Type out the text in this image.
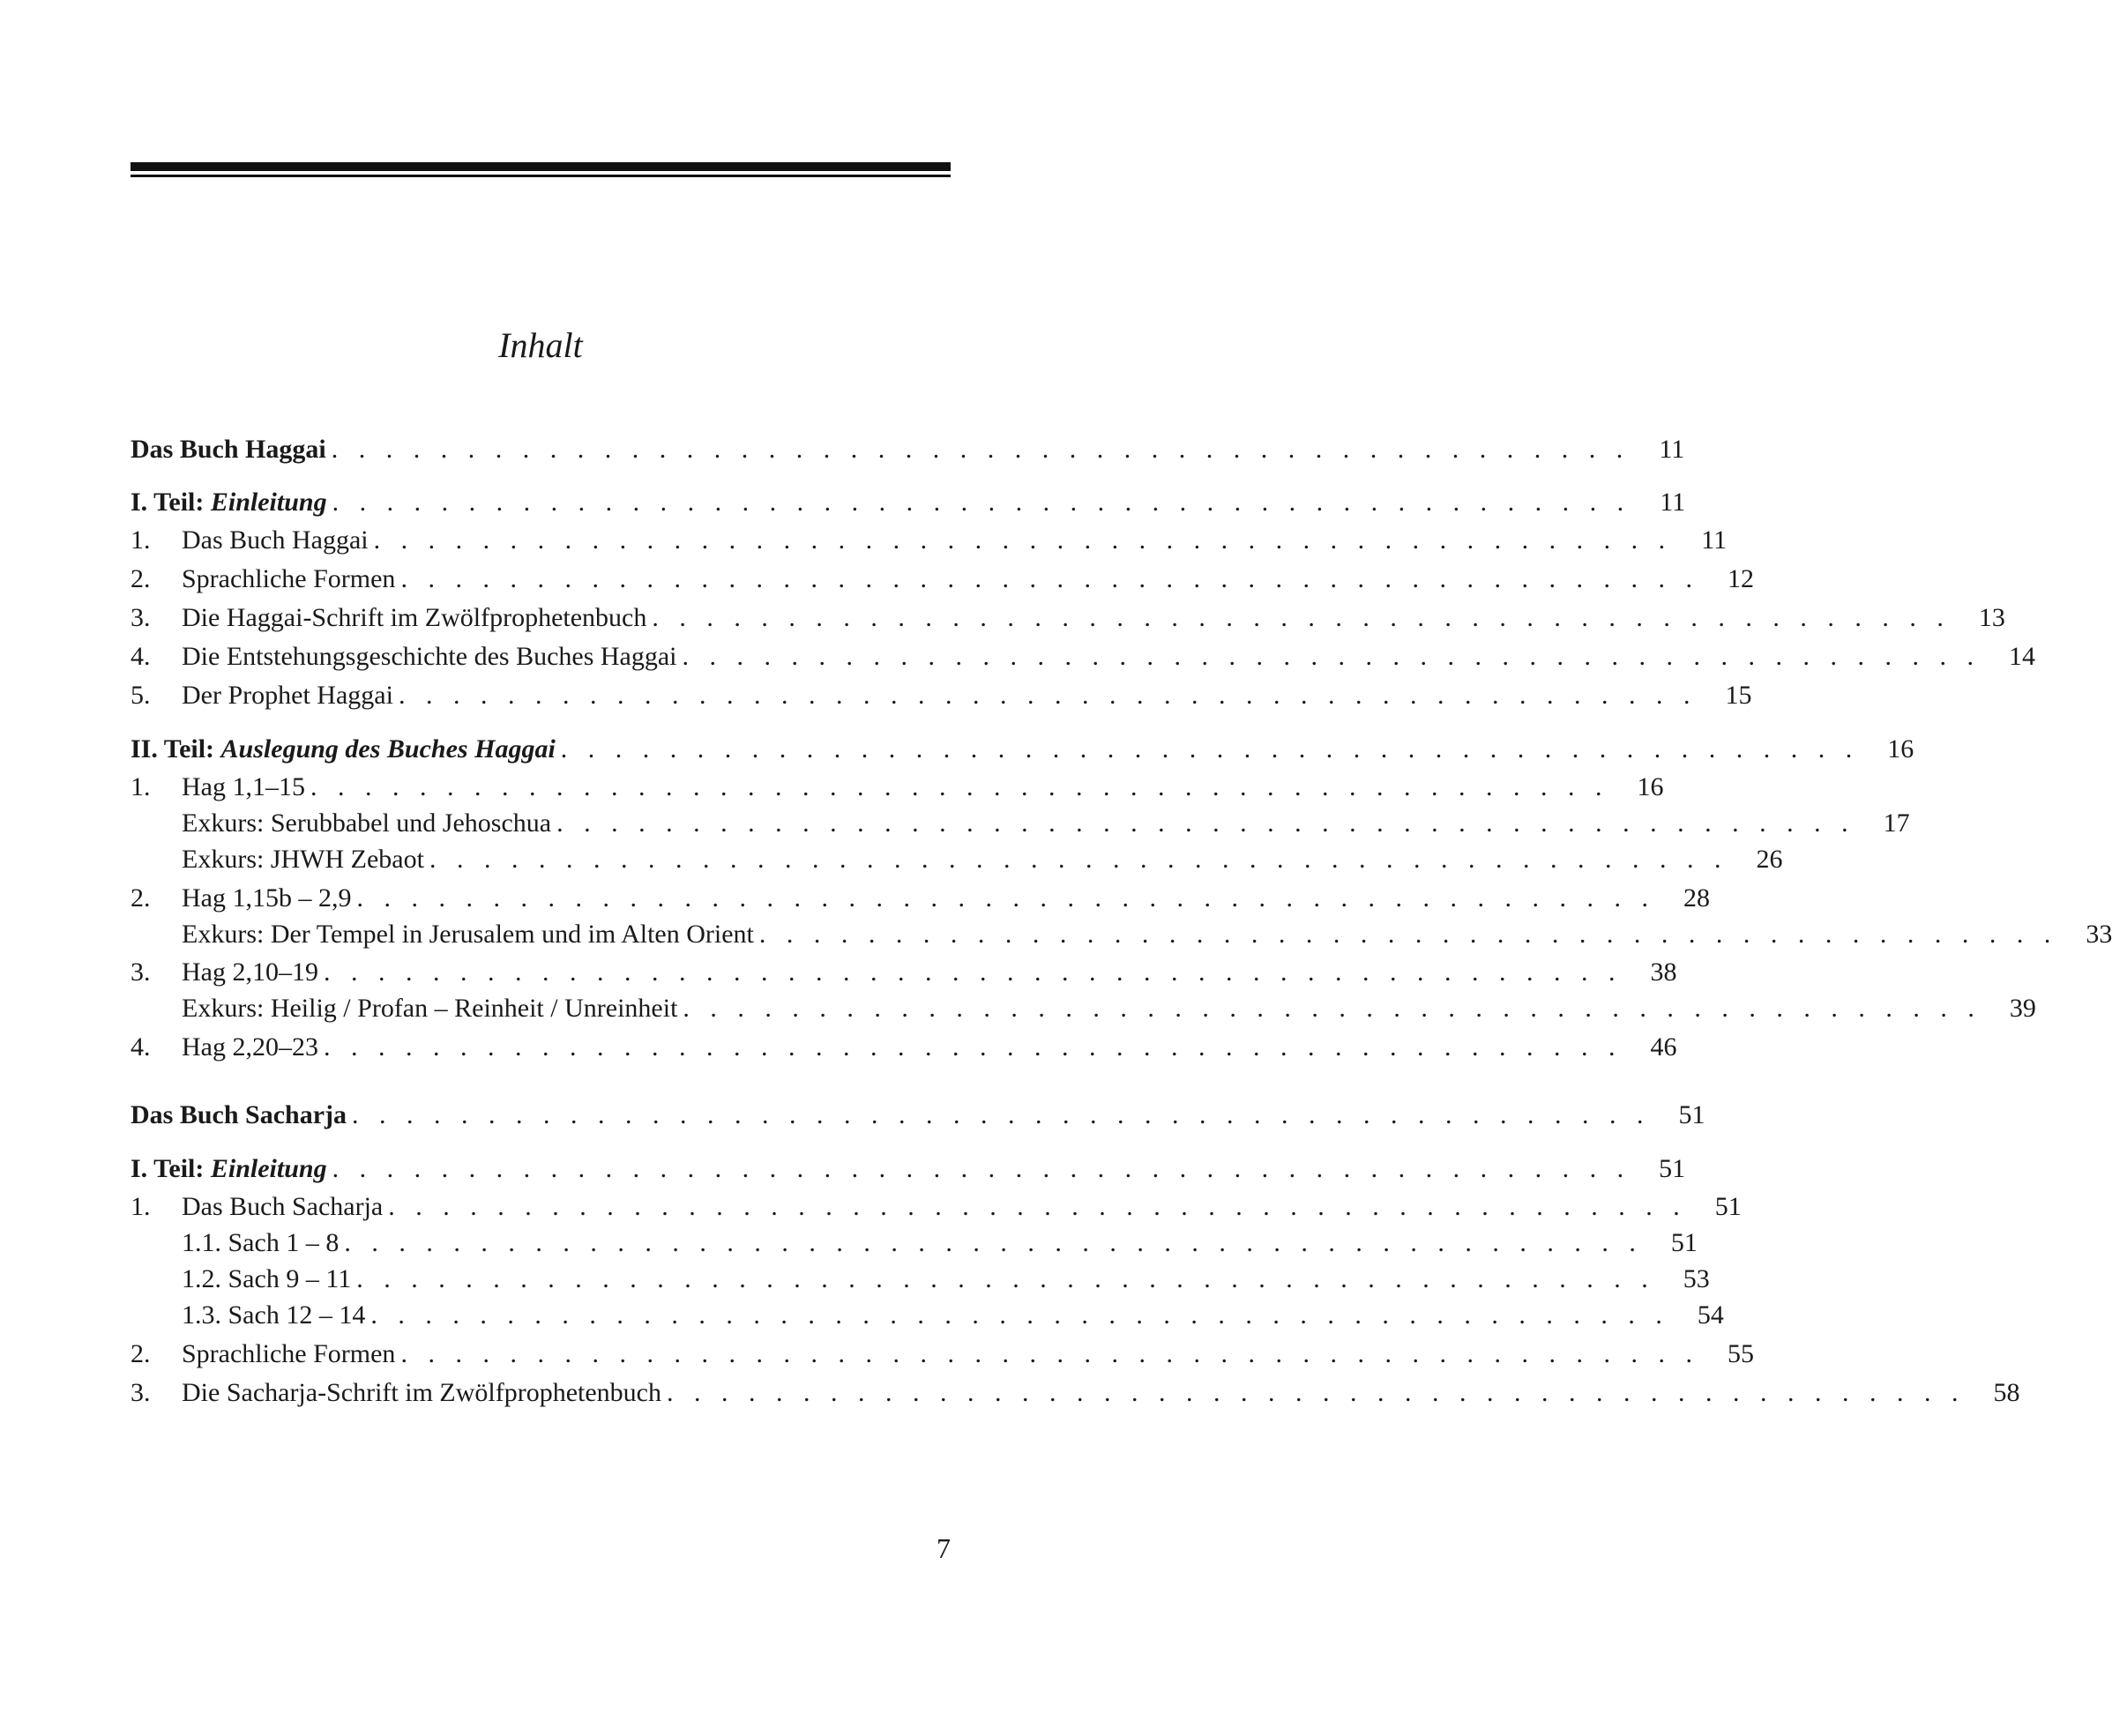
Inhalt
Das Buch Haggai . . . . . . . . . . . . . . . . . . . . . . . . . . . . . . . . . . . . . . . . . . . . . . . .	11
I. Teil: Einleitung . . . . . . . . . . . . . . . . . . . . . . . . . . . . . . . . . . . . . . . . . . . . . . . .	11
1.	Das Buch Haggai . . . . . . . . . . . . . . . . . . . . . . . . . . . . . . . . . . . . . . . . . . . . . . . .	11
2.	Sprachliche Formen . . . . . . . . . . . . . . . . . . . . . . . . . . . . . . . . . . . . . . . . . . . . . . . .	12
3.	Die Haggai-Schrift im Zwölfprophetenbuch . . . . . . . . . . . . . . . . . . . . . . . . . . . . . . . . . . . . . . . . . . . . . . . .	13
4.	Die Entstehungsgeschichte des Buches Haggai . . . . . . . . . . . . . . . . . . . . . . . . . . . . . . . . . . . . . . . . . . . . . . . .	14
5.	Der Prophet Haggai . . . . . . . . . . . . . . . . . . . . . . . . . . . . . . . . . . . . . . . . . . . . . . . .	15
II. Teil: Auslegung des Buches Haggai . . . . . . . . . . . . . . . . . . . . . . . . . . . . . . . . . . . . . . . . . . . . . . . .	16
1.	Hag 1,1–15 . . . . . . . . . . . . . . . . . . . . . . . . . . . . . . . . . . . . . . . . . . . . . . . .	16
Exkurs: Serubbabel und Jehoschua . . . . . . . . . . . . . . . . . . . . . . . . . . . . . . . . . . . . . . . . . . . . . . . .	17
Exkurs: JHWH Zebaot . . . . . . . . . . . . . . . . . . . . . . . . . . . . . . . . . . . . . . . . . . . . . . . .	26
2.	Hag 1,15b – 2,9 . . . . . . . . . . . . . . . . . . . . . . . . . . . . . . . . . . . . . . . . . . . . . . . .	28
Exkurs: Der Tempel in Jerusalem und im Alten Orient . . . . . . . . . . . . . . . . . . . . . . . . . . . . . . . . . . . . . . . . . . . . . . . .	33
3.	Hag 2,10–19 . . . . . . . . . . . . . . . . . . . . . . . . . . . . . . . . . . . . . . . . . . . . . . . .	38
Exkurs: Heilig / Profan – Reinheit / Unreinheit . . . . . . . . . . . . . . . . . . . . . . . . . . . . . . . . . . . . . . . . . . . . . . . .	39
4.	Hag 2,20–23 . . . . . . . . . . . . . . . . . . . . . . . . . . . . . . . . . . . . . . . . . . . . . . . .	46
Das Buch Sacharja . . . . . . . . . . . . . . . . . . . . . . . . . . . . . . . . . . . . . . . . . . . . . . . .	51
I. Teil: Einleitung . . . . . . . . . . . . . . . . . . . . . . . . . . . . . . . . . . . . . . . . . . . . . . . .	51
1.	Das Buch Sacharja . . . . . . . . . . . . . . . . . . . . . . . . . . . . . . . . . . . . . . . . . . . . . . . .	51
1.1. Sach 1 – 8 . . . . . . . . . . . . . . . . . . . . . . . . . . . . . . . . . . . . . . . . . . . . . . . .	51
1.2. Sach 9 – 11 . . . . . . . . . . . . . . . . . . . . . . . . . . . . . . . . . . . . . . . . . . . . . . . .	53
1.3. Sach 12 – 14 . . . . . . . . . . . . . . . . . . . . . . . . . . . . . . . . . . . . . . . . . . . . . . . .	54
2.	Sprachliche Formen . . . . . . . . . . . . . . . . . . . . . . . . . . . . . . . . . . . . . . . . . . . . . . . .	55
3.	Die Sacharja-Schrift im Zwölfprophetenbuch . . . . . . . . . . . . . . . . . . . . . . . . . . . . . . . . . . . . . . . . . . . . . . . .	58
7
